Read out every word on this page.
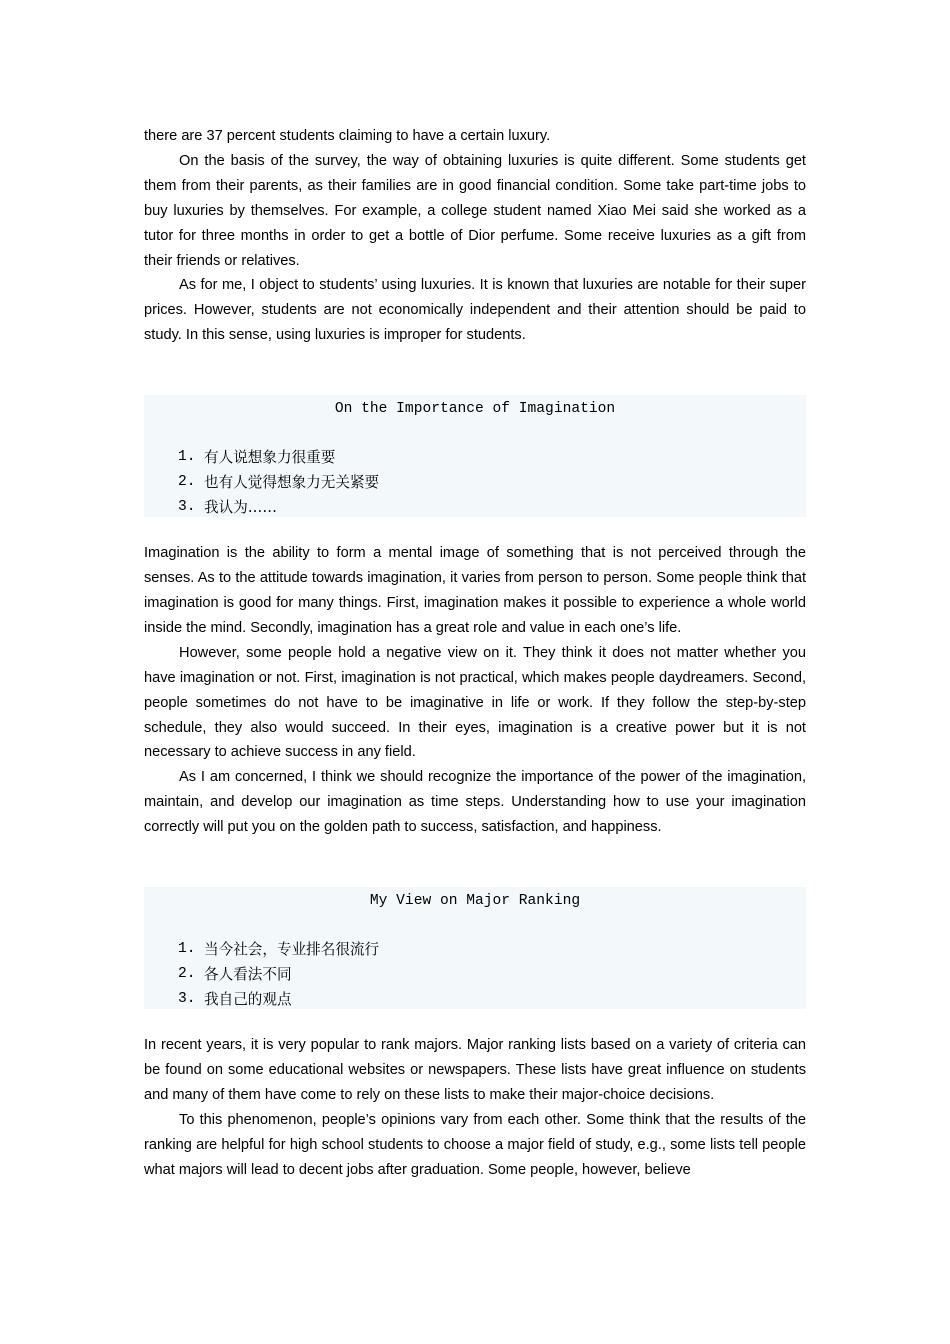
there are 37 percent students claiming to have a certain luxury.

On the basis of the survey, the way of obtaining luxuries is quite different. Some students get them from their parents, as their families are in good financial condition. Some take part-time jobs to buy luxuries by themselves. For example, a college student named Xiao Mei said she worked as a tutor for three months in order to get a bottle of Dior perfume. Some receive luxuries as a gift from their friends or relatives.

As for me, I object to students’ using luxuries. It is known that luxuries are notable for their super prices. However, students are not economically independent and their attention should be paid to study. In this sense, using luxuries is improper for students.

On the Importance of Imagination
1. 有人说想象力很重要
2. 也有人觉得想象力无关紧要
3. 我认为……

Imagination is the ability to form a mental image of something that is not perceived through the senses. As to the attitude towards imagination, it varies from person to person. Some people think that imagination is good for many things. First, imagination makes it possible to experience a whole world inside the mind. Secondly, imagination has a great role and value in each one’s life.

However, some people hold a negative view on it. They think it does not matter whether you have imagination or not. First, imagination is not practical, which makes people daydreamers. Second, people sometimes do not have to be imaginative in life or work. If they follow the step-by-step schedule, they also would succeed. In their eyes, imagination is a creative power but it is not necessary to achieve success in any field.

As I am concerned, I think we should recognize the importance of the power of the imagination, maintain, and develop our imagination as time steps. Understanding how to use your imagination correctly will put you on the golden path to success, satisfaction, and happiness.

My View on Major Ranking
1. 当今社会，专业排名很流行
2. 各人看法不同
3. 我自己的观点

In recent years, it is very popular to rank majors. Major ranking lists based on a variety of criteria can be found on some educational websites or newspapers. These lists have great influence on students and many of them have come to rely on these lists to make their major-choice decisions.

To this phenomenon, people’s opinions vary from each other. Some think that the results of the ranking are helpful for high school students to choose a major field of study, e.g., some lists tell people what majors will lead to decent jobs after graduation. Some people, however, believe
